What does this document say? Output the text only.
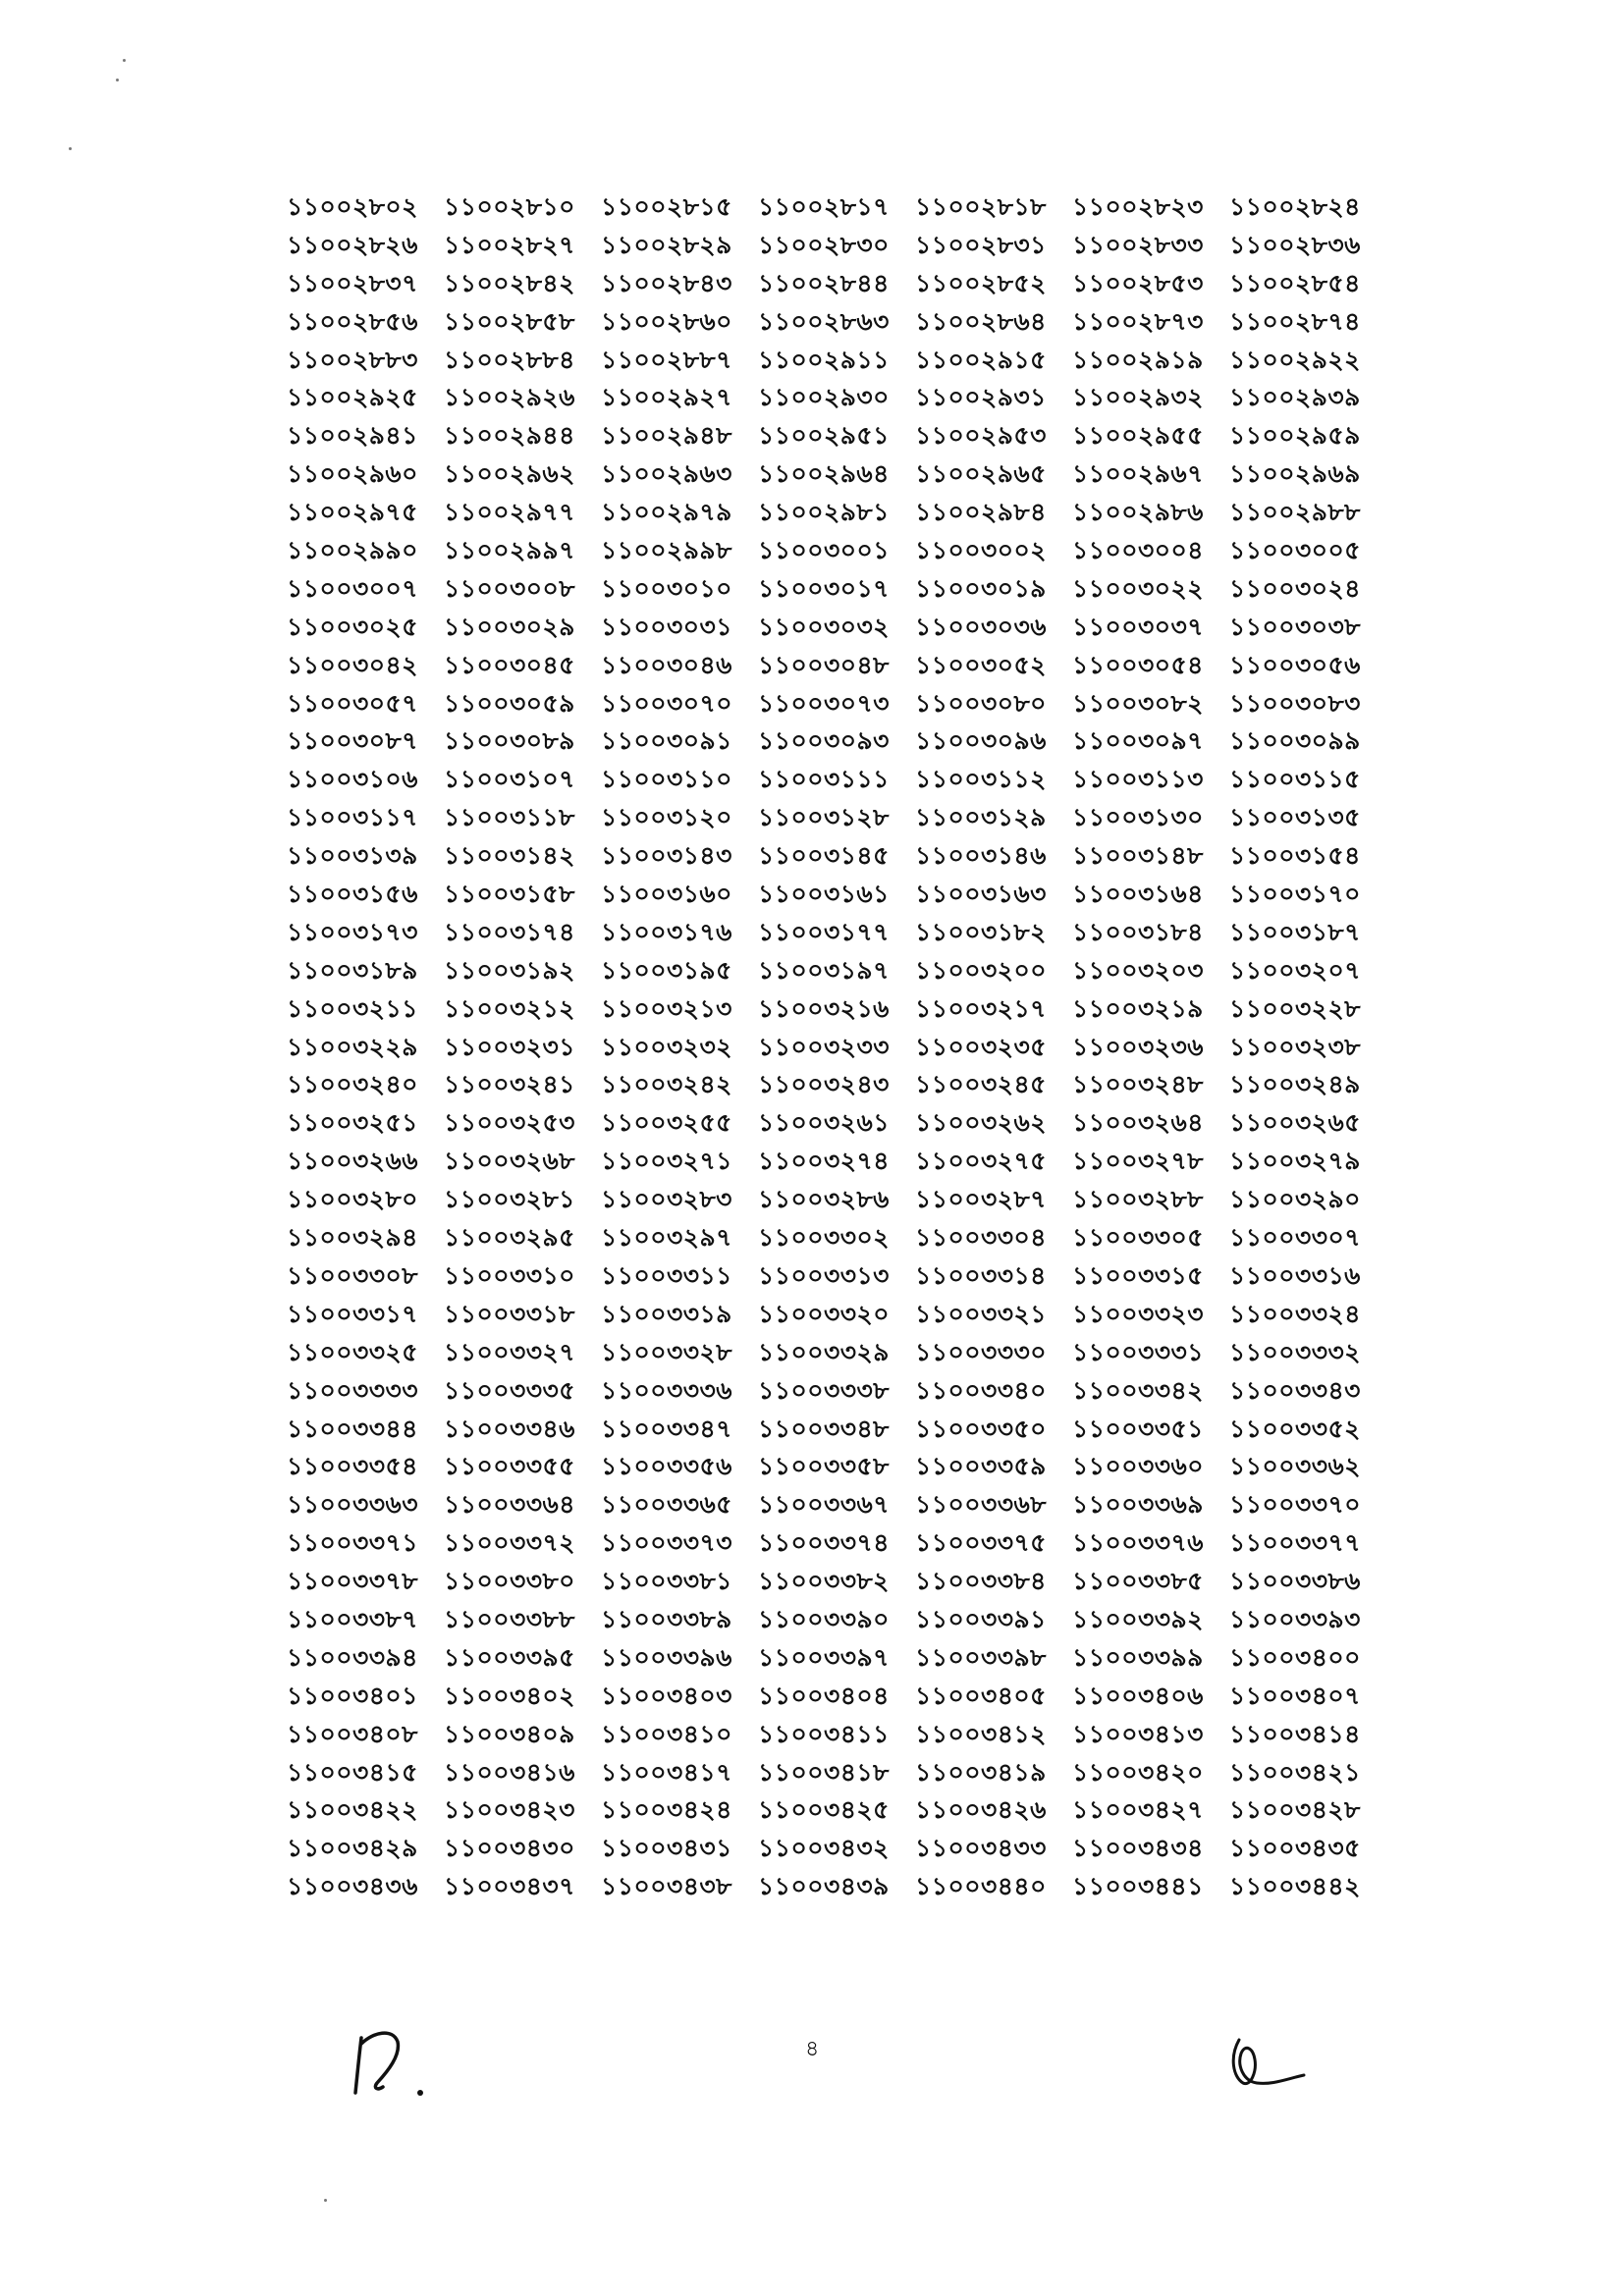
১১০০২৮০২	১১০০২৮১০	১১০০২৮১৫	১১০০২৮১৭	১১০০২৮১৮	১১০০২৮২৩	১১০০২৮২৪
১১০০২৮২৬	১১০০২৮২৭	১১০০২৮২৯	১১০০২৮৩০	১১০০২৮৩১	১১০০২৮৩৩	১১০০২৮৩৬
১১০০২৮৩৭	১১০০২৮৪২	১১০০২৮৪৩	১১০০২৮৪৪	১১০০২৮৫২	১১০০২৮৫৩	১১০০২৮৫৪
১১০০২৮৫৬	১১০০২৮৫৮	১১০০২৮৬০	১১০০২৮৬৩	১১০০২৮৬৪	১১০০২৮৭৩	১১০০২৮৭৪
১১০০২৮৮৩	১১০০২৮৮৪	১১০০২৮৮৭	১১০০২৯১১	১১০০২৯১৫	১১০০২৯১৯	১১০০২৯২২
১১০০২৯২৫	১১০০২৯২৬	১১০০২৯২৭	১১০০২৯৩০	১১০০২৯৩১	১১০০২৯৩২	১১০০২৯৩৯
১১০০২৯৪১	১১০০২৯৪৪	১১০০২৯৪৮	১১০০২৯৫১	১১০০২৯৫৩	১১০০২৯৫৫	১১০০২৯৫৯
১১০০২৯৬০	১১০০২৯৬২	১১০০২৯৬৩	১১০০২৯৬৪	১১০০২৯৬৫	১১০০২৯৬৭	১১০০২৯৬৯
১১০০২৯৭৫	১১০০২৯৭৭	১১০০২৯৭৯	১১০০২৯৮১	১১০০২৯৮৪	১১০০২৯৮৬	১১০০২৯৮৮
১১০০২৯৯০	১১০০২৯৯৭	১১০০২৯৯৮	১১০০৩০০১	১১০০৩০০২	১১০০৩০০৪	১১০০৩০০৫
১১০০৩০০৭	১১০০৩০০৮	১১০০৩০১০	১১০০৩০১৭	১১০০৩০১৯	১১০০৩০২২	১১০০৩০২৪
১১০০৩০২৫	১১০০৩০২৯	১১০০৩০৩১	১১০০৩০৩২	১১০০৩০৩৬	১১০০৩০৩৭	১১০০৩০৩৮
১১০০৩০৪২	১১০০৩০৪৫	১১০০৩০৪৬	১১০০৩০৪৮	১১০০৩০৫২	১১০০৩০৫৪	১১০০৩০৫৬
১১০০৩০৫৭	১১০০৩০৫৯	১১০০৩০৭০	১১০০৩০৭৩	১১০০৩০৮০	১১০০৩০৮২	১১০০৩০৮৩
১১০০৩০৮৭	১১০০৩০৮৯	১১০০৩০৯১	১১০০৩০৯৩	১১০০৩০৯৬	১১০০৩০৯৭	১১০০৩০৯৯
১১০০৩১০৬	১১০০৩১০৭	১১০০৩১১০	১১০০৩১১১	১১০০৩১১২	১১০০৩১১৩	১১০০৩১১৫
১১০০৩১১৭	১১০০৩১১৮	১১০০৩১২০	১১০০৩১২৮	১১০০৩১২৯	১১০০৩১৩০	১১০০৩১৩৫
১১০০৩১৩৯	১১০০৩১৪২	১১০০৩১৪৩	১১০০৩১৪৫	১১০০৩১৪৬	১১০০৩১৪৮	১১০০৩১৫৪
১১০০৩১৫৬	১১০০৩১৫৮	১১০০৩১৬০	১১০০৩১৬১	১১০০৩১৬৩	১১০০৩১৬৪	১১০০৩১৭০
১১০০৩১৭৩	১১০০৩১৭৪	১১০০৩১৭৬	১১০০৩১৭৭	১১০০৩১৮২	১১০০৩১৮৪	১১০০৩১৮৭
১১০০৩১৮৯	১১০০৩১৯২	১১০০৩১৯৫	১১০০৩১৯৭	১১০০৩২০০	১১০০৩২০৩	১১০০৩২০৭
১১০০৩২১১	১১০০৩২১২	১১০০৩২১৩	১১০০৩২১৬	১১০০৩২১৭	১১০০৩২১৯	১১০০৩২২৮
১১০০৩২২৯	১১০০৩২৩১	১১০০৩২৩২	১১০০৩২৩৩	১১০০৩২৩৫	১১০০৩২৩৬	১১০০৩২৩৮
১১০০৩২৪০	১১০০৩২৪১	১১০০৩২৪২	১১০০৩২৪৩	১১০০৩২৪৫	১১০০৩২৪৮	১১০০৩২৪৯
১১০০৩২৫১	১১০০৩২৫৩	১১০০৩২৫৫	১১০০৩২৬১	১১০০৩২৬২	১১০০৩২৬৪	১১০০৩২৬৫
১১০০৩২৬৬	১১০০৩২৬৮	১১০০৩২৭১	১১০০৩২৭৪	১১০০৩২৭৫	১১০০৩২৭৮	১১০০৩২৭৯
১১০০৩২৮০	১১০০৩২৮১	১১০০৩২৮৩	১১০০৩২৮৬	১১০০৩২৮৭	১১০০৩২৮৮	১১০০৩২৯০
১১০০৩২৯৪	১১০০৩২৯৫	১১০০৩২৯৭	১১০০৩৩০২	১১০০৩৩০৪	১১০০৩৩০৫	১১০০৩৩০৭
১১০০৩৩০৮	১১০০৩৩১০	১১০০৩৩১১	১১০০৩৩১৩	১১০০৩৩১৪	১১০০৩৩১৫	১১০০৩৩১৬
১১০০৩৩১৭	১১০০৩৩১৮	১১০০৩৩১৯	১১০০৩৩২০	১১০০৩৩২১	১১০০৩৩২৩	১১০০৩৩২৪
১১০০৩৩২৫	১১০০৩৩২৭	১১০০৩৩২৮	১১০০৩৩২৯	১১০০৩৩৩০	১১০০৩৩৩১	১১০০৩৩৩২
১১০০৩৩৩৩	১১০০৩৩৩৫	১১০০৩৩৩৬	১১০০৩৩৩৮	১১০০৩৩৪০	১১০০৩৩৪২	১১০০৩৩৪৩
১১০০৩৩৪৪	১১০০৩৩৪৬	১১০০৩৩৪৭	১১০০৩৩৪৮	১১০০৩৩৫০	১১০০৩৩৫১	১১০০৩৩৫২
১১০০৩৩৫৪	১১০০৩৩৫৫	১১০০৩৩৫৬	১১০০৩৩৫৮	১১০০৩৩৫৯	১১০০৩৩৬০	১১০০৩৩৬২
১১০০৩৩৬৩	১১০০৩৩৬৪	১১০০৩৩৬৫	১১০০৩৩৬৭	১১০০৩৩৬৮	১১০০৩৩৬৯	১১০০৩৩৭০
১১০০৩৩৭১	১১০০৩৩৭২	১১০০৩৩৭৩	১১০০৩৩৭৪	১১০০৩৩৭৫	১১০০৩৩৭৬	১১০০৩৩৭৭
১১০০৩৩৭৮	১১০০৩৩৮০	১১০০৩৩৮১	১১০০৩৩৮২	১১০০৩৩৮৪	১১০০৩৩৮৫	১১০০৩৩৮৬
১১০০৩৩৮৭	১১০০৩৩৮৮	১১০০৩৩৮৯	১১০০৩৩৯০	১১০০৩৩৯১	১১০০৩৩৯২	১১০০৩৩৯৩
১১০০৩৩৯৪	১১০০৩৩৯৫	১১০০৩৩৯৬	১১০০৩৩৯৭	১১০০৩৩৯৮	১১০০৩৩৯৯	১১০০৩৪০০
১১০০৩৪০১	১১০০৩৪০২	১১০০৩৪০৩	১১০০৩৪০৪	১১০০৩৪০৫	১১০০৩৪০৬	১১০০৩৪০৭
১১০০৩৪০৮	১১০০৩৪০৯	১১০০৩৪১০	১১০০৩৪১১	১১০০৩৪১২	১১০০৩৪১৩	১১০০৩৪১৪
১১০০৩৪১৫	১১০০৩৪১৬	১১০০৩৪১৭	১১০০৩৪১৮	১১০০৩৪১৯	১১০০৩৪২০	১১০০৩৪২১
১১০০৩৪২২	১১০০৩৪২৩	১১০০৩৪২৪	১১০০৩৪২৫	১১০০৩৪২৬	১১০০৩৪২৭	১১০০৩৪২৮
১১০০৩৪২৯	১১০০৩৪৩০	১১০০৩৪৩১	১১০০৩৪৩২	১১০০৩৪৩৩	১১০০৩৪৩৪	১১০০৩৪৩৫
১১০০৩৪৩৬	১১০০৩৪৩৭	১১০০৩৪৩৮	১১০০৩৪৩৯	১১০০৩৪৪০	১১০০৩৪৪১	১১০০৩৪৪২
৪
